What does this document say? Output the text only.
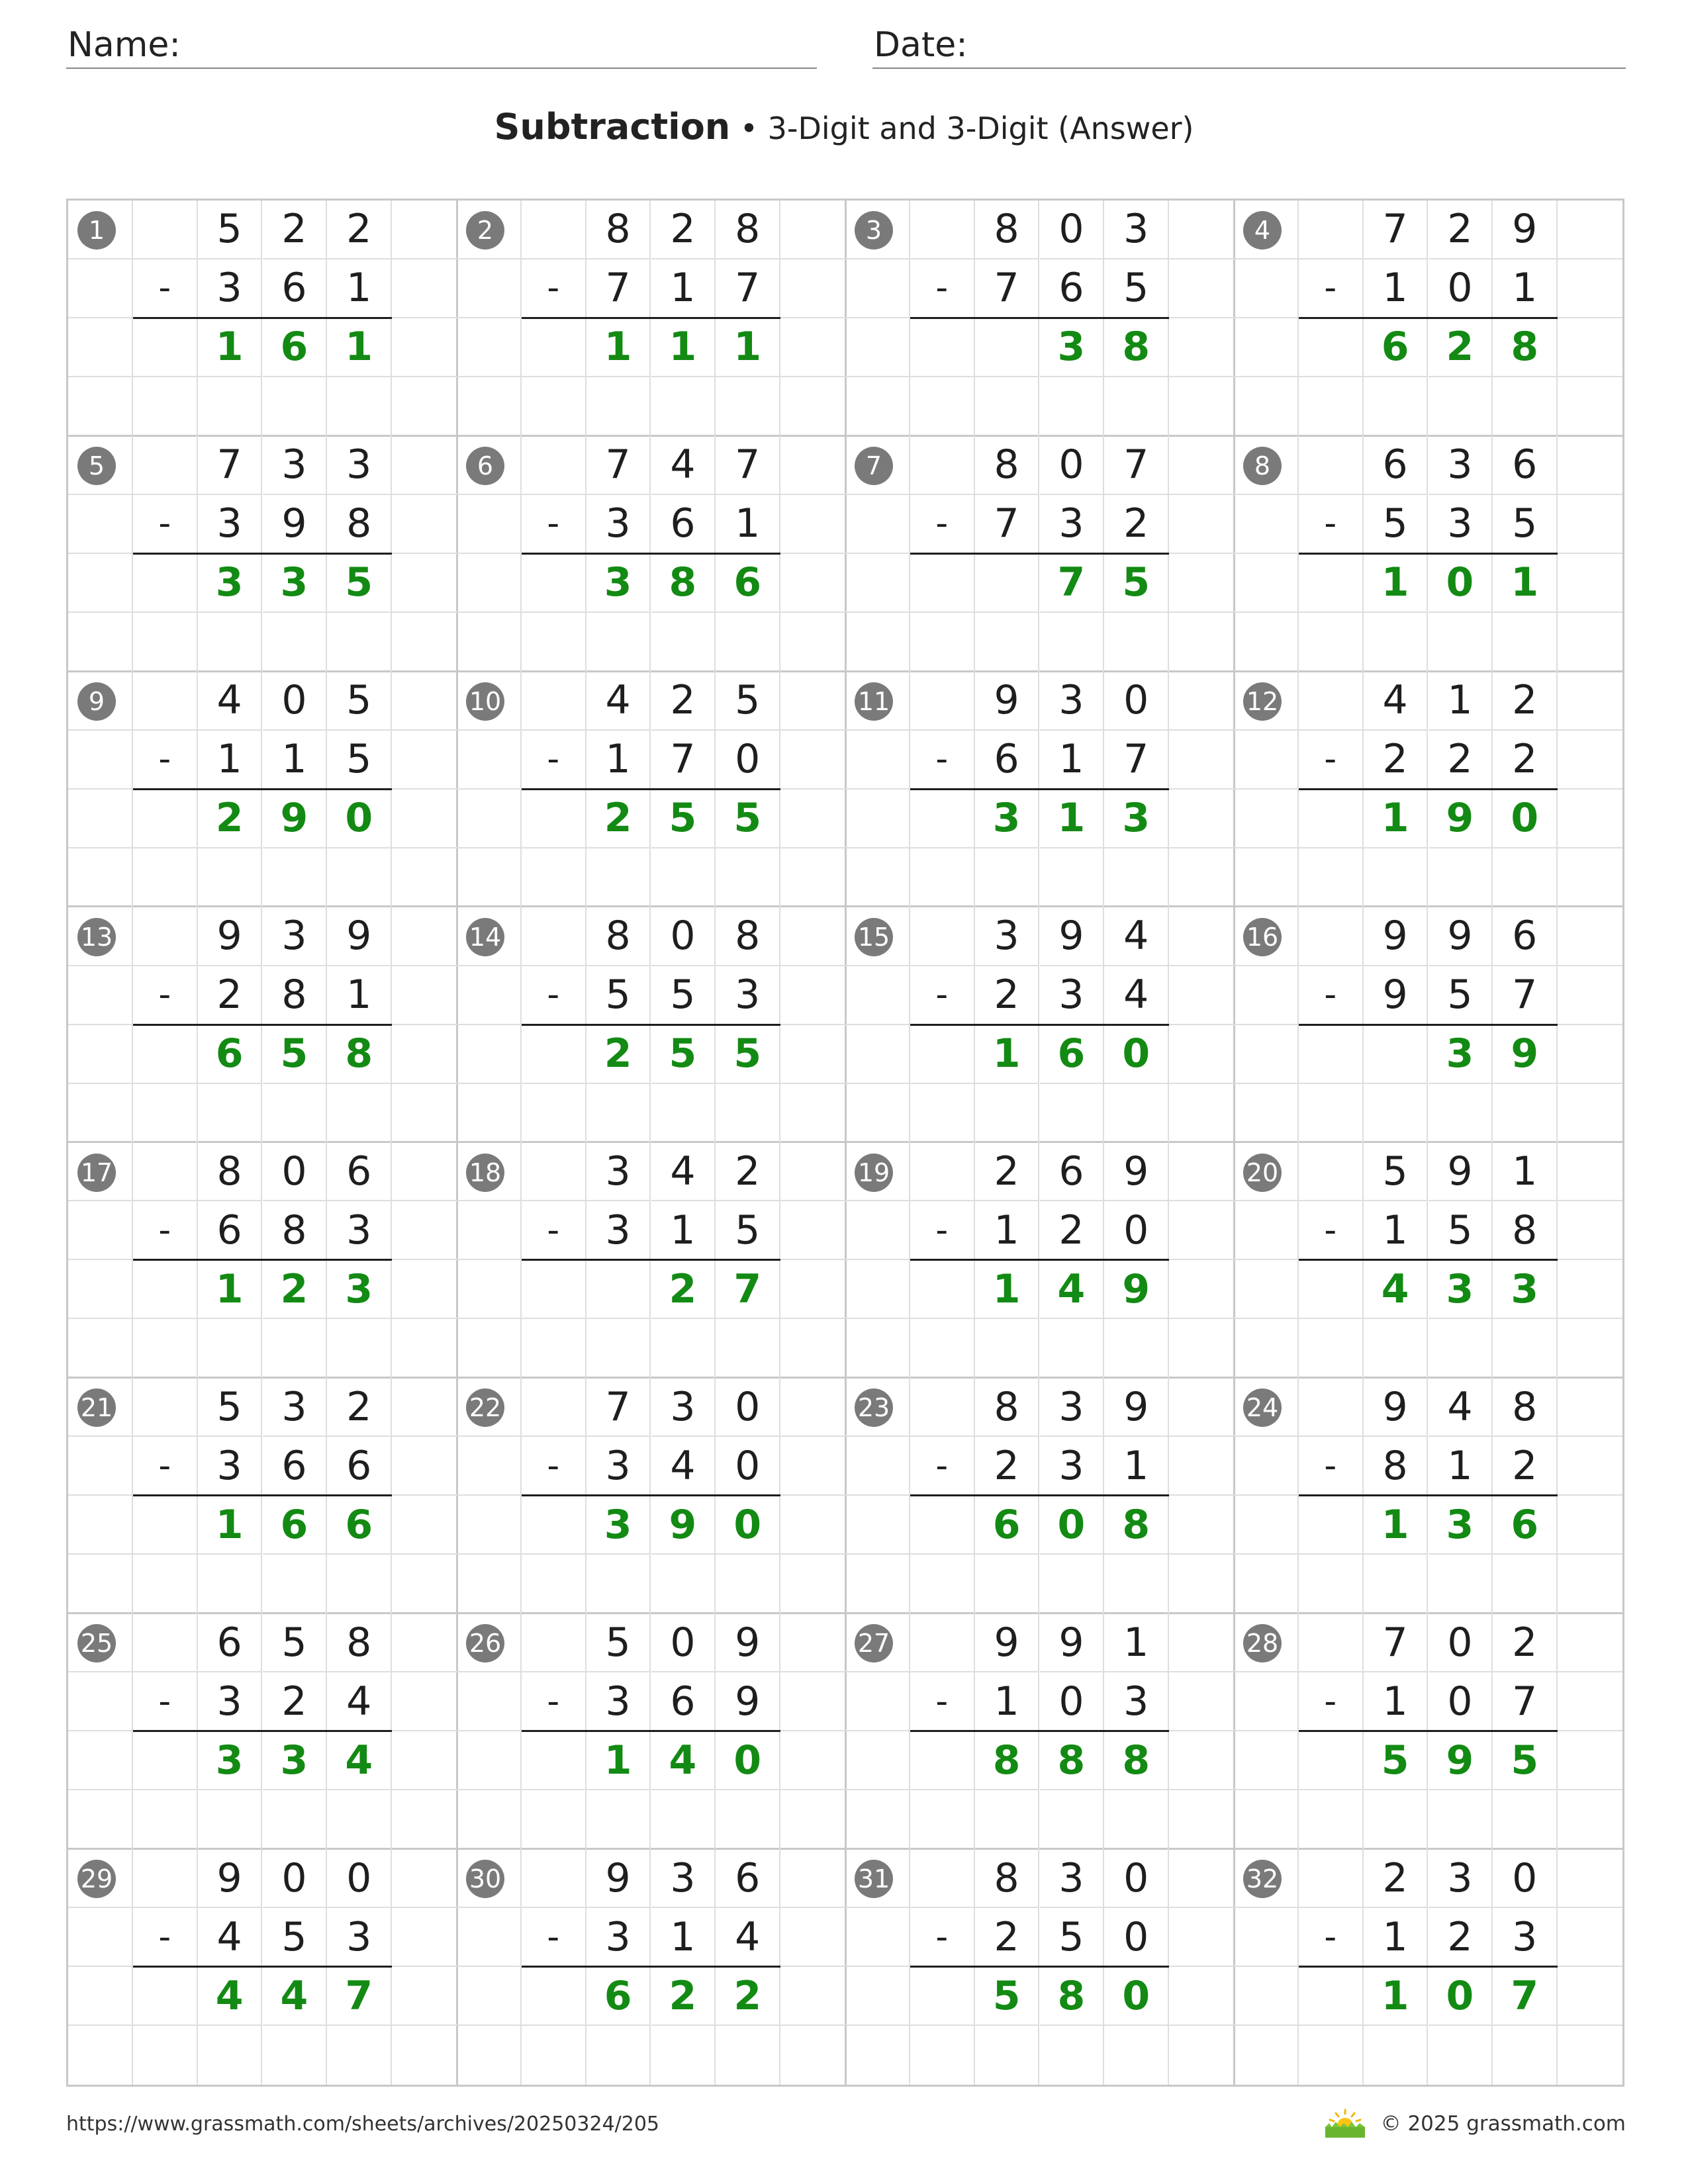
Name:	Date:
Subtraction • 3-Digit and 3-Digit (Answer)
5 2 2
-	3 6 1
1 6 1
1	8 2 8
-	7 1 7
1 1 1
2	8 0 3
-	7 6 5
3 8
3	7 2 9
-	1 0 1
6 2 8
4
7 3 3
-	3 9 8
3 3 5
5	7 4 7
-	3 6 1
3 8 6
6	8 0 7
-	7 3 2
7 5
7	6 3 6
-	5 3 5
1 0 1
8
4 0 5
-	1 1 5
2 9 0
9	4 2 5
-	1 7 0
2 5 5
10	9 3 0
-	6 1 7
3 1 3
11	4 1 2
-	2 2 2
1 9 0
12
9 3 9
-	2 8 1
6 5 8
13	8 0 8
-	5 5 3
2 5 5
14	3 9 4
-	2 3 4
1 6 0
15	9 9 6
-	9 5 7
3 9
16
8 0 6
-	6 8 3
1 2 3
17	3 4 2
-	3 1 5
2 7
18	2 6 9
-	1 2 0
1 4 9
19	5 9 1
-	1 5 8
4 3 3
20
5 3 2
-	3 6 6
1 6 6
21	7 3 0
-	3 4 0
3 9 0
22	8 3 9
-	2 3 1
6 0 8
23	9 4 8
-	8 1 2
1 3 6
24
6 5 8
-	3 2 4
3 3 4
25	5 0 9
-	3 6 9
1 4 0
26	9 9 1
-	1 0 3
8 8 8
27	7 0 2
-	1 0 7
5 9 5
28
9 0 0
-	4 5 3
4 4 7
29	9 3 6
-	3 1 4
6 2 2
30	8 3 0
-	2 5 0
5 8 0
31	2 3 0
-	1 2 3
1 0 7
32
https://www.grassmath.com/sheets/archives/20250324/205	© 2025 grassmath.com
